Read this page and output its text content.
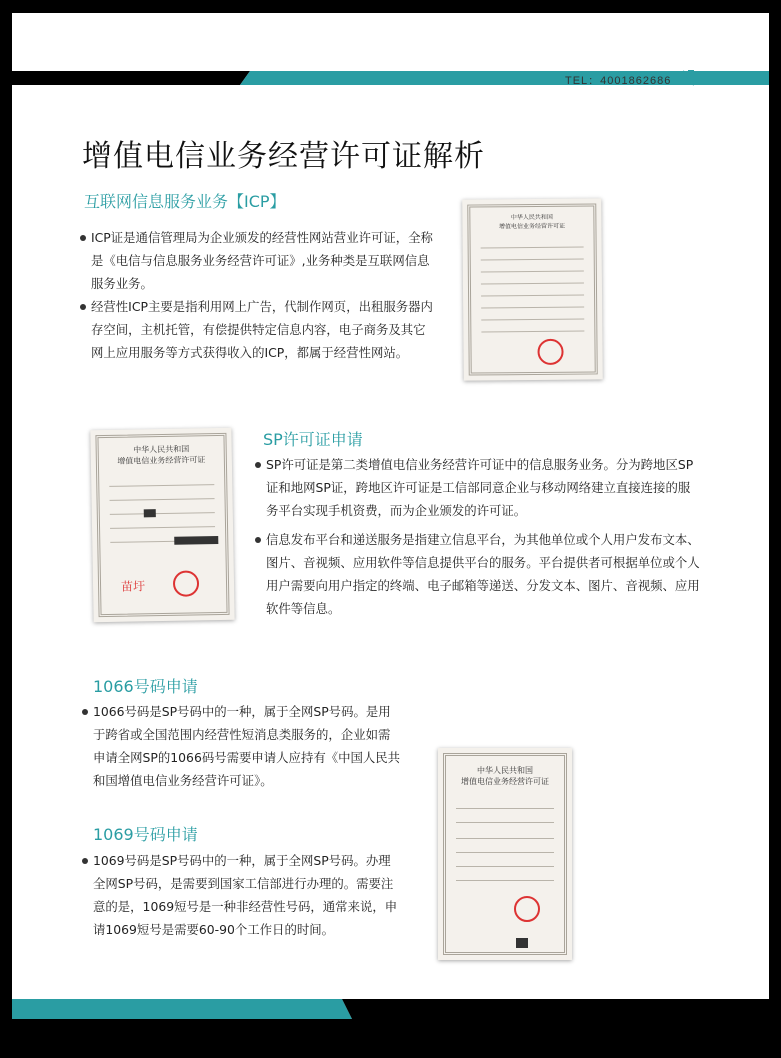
TEL：4001862686
增值电信业务经营许可证解析
互联网信息服务业务【ICP】
ICP证是通信管理局为企业颁发的经营性网站营业许可证，全称是《电信与信息服务业务经营许可证》,业务种类是互联网信息服务业务。
经营性ICP主要是指利用网上广告，代制作网页，出租服务器内存空间，主机托管，有偿提供特定信息内容，电子商务及其它网上应用服务等方式获得收入的ICP，都属于经营性网站。
中华人民共和国
增值电信业务经营许可证
中华人民共和国
增值电信业务经营许可证
苗圩
SP许可证申请
SP许可证是第二类增值电信业务经营许可证中的信息服务业务。分为跨地区SP证和地网SP证，跨地区许可证是工信部同意企业与移动网络建立直接连接的服务平台实现手机资费，而为企业颁发的许可证。
信息发布平台和递送服务是指建立信息平台，为其他单位或个人用户发布文本、图片、音视频、应用软件等信息提供平台的服务。平台提供者可根据单位或个人用户需要向用户指定的终端、电子邮箱等递送、分发文本、图片、音视频、应用软件等信息。
1066号码申请
1066号码是SP号码中的一种，属于全网SP号码。是用于跨省或全国范围内经营性短消息类服务的，企业如需申请全网SP的1066码号需要申请人应持有《中国人民共和国增值电信业务经营许可证》。
1069号码申请
1069号码是SP号码中的一种，属于全网SP号码。办理全网SP号码，是需要到国家工信部进行办理的。需要注意的是，1069短号是一种非经营性号码，通常来说，申请1069短号是需要60-90个工作日的时间。
中华人民共和国
增值电信业务经营许可证
